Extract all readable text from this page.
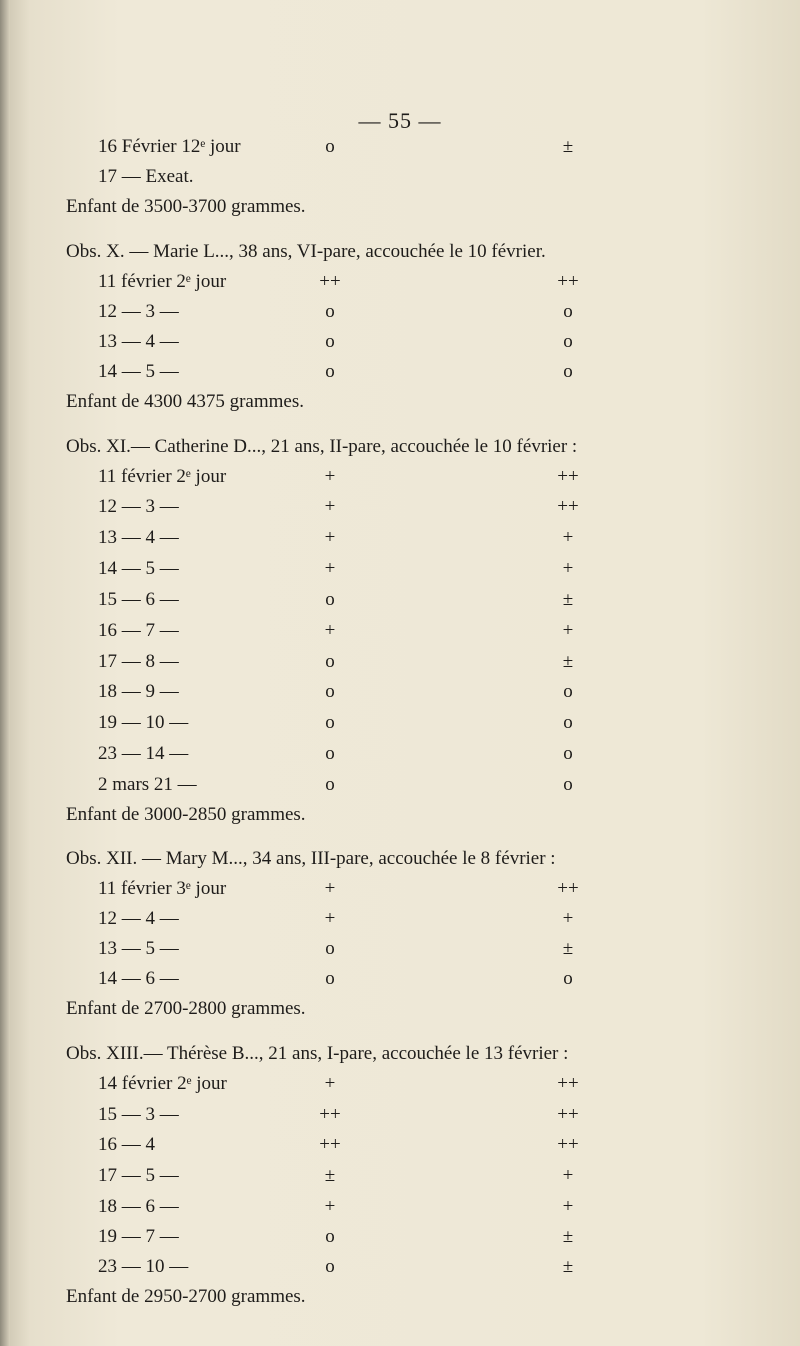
— 55 —
16 Février 12ᵉ jour	o	±
17 — Exeat.
Enfant de 3500-3700 grammes.
Obs. X. — Marie L..., 38 ans, VI-pare, accouchée le 10 février.
11 février 2ᵉ jour	++	++
12 — 3 —	o	o
13 — 4 —	o	o
14 — 5 —	o	o
Enfant de 4300 4375 grammes.
Obs. XI.— Catherine D..., 21 ans, II-pare, accouchée le 10 février :
11 février 2ᵉ jour	+	++
12 — 3 —	+	++
13 — 4 —	+	+
14 — 5 —	+	+
15 — 6 —	o	±
16 — 7 —	+	+
17 — 8 —	o	±
18 — 9 —	o	o
19 — 10 —	o	o
23 — 14 —	o	o
2 mars 21 —	o	o
Enfant de 3000-2850 grammes.
Obs. XII. — Mary M..., 34 ans, III-pare, accouchée le 8 février :
11 février 3ᵉ jour	+	++
12 — 4 —	+	+
13 — 5 —	o	±
14 — 6 —	o	o
Enfant de 2700-2800 grammes.
Obs. XIII.— Thérèse B..., 21 ans, I-pare, accouchée le 13 février :
14 février 2ᵉ jour	+	++
15 — 3 —	++	++
16 — 4	++	++
17 — 5 —	±	+
18 — 6 —	+	+
19 — 7 —	o	±
23 — 10 —	o	±
Enfant de 2950-2700 grammes.
